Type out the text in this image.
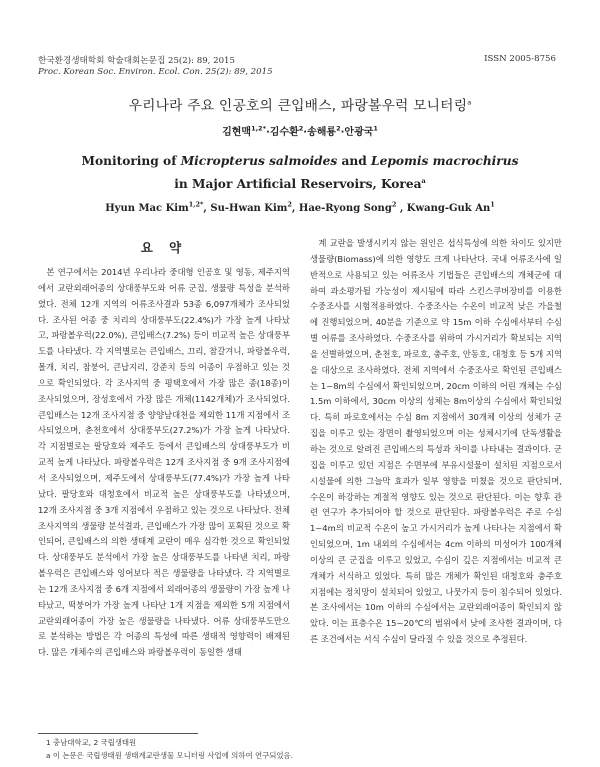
한국환경생태학회 학술대회논문집 25(2): 89, 2015
Proc. Korean Soc. Environ. Ecol. Con. 25(2): 89, 2015
ISSN 2005-8756
우리나라 주요 인공호의 큰입배스, 파랑볼우럭 모니터링$^a$
김현맥$^{1,2*}$·김수환$^2$·송해룡$^2$·안광국$^1$
Monitoring of Micropterus salmoides and Lepomis macrochirus
in Major Artificial Reservoirs, Korea$^a$
Hyun Mac Kim$^{1,2*}$, Su-Hwan Kim$^2$, Hae-Ryong Song$^2$ , Kwang-Guk An$^1$
요 약
본 연구에서는 2014년 우리나라 중대형 인공호 및 영동, 제주지역에서 교란외래어종의 상대풍부도와 어류 군집, 생물량 특성을 분석하였다. 전체 12개 지역의 어류조사결과 53종 6,097개체가 조사되었다. 조사된 어종 중 치리의 상대풍부도(22.4%)가 가장 높게 나타났고, 파랑볼우럭(22.0%), 큰입배스(7.2%) 등이 비교적 높은 상대풍부도를 나타냈다. 각 지역별로는 큰입배스, 끄리, 참갈겨니, 파랑볼우럭, 몰개, 치리, 참붕어, 큰납지리, 강준치 등의 어종이 우점하고 있는 것으로 확인되었다. 각 조사지역 중 평택호에서 가장 많은 종(18종)이 조사되었으며, 장성호에서 가장 많은 개체(1142개체)가 조사되었다. 큰입배스는 12개 조사지점 중 양양남대천을 제외한 11개 지점에서 조사되었으며, 춘천호에서 상대풍부도(27.2%)가 가장 높게 나타났다. 각 지점별로는 팔당호와 제주도 등에서 큰입배스의 상대풍부도가 비교적 높게 나타났다. 파랑볼우럭은 12개 조사지점 중 9개 조사지점에서 조사되었으며, 제주도에서 상대풍부도(77.4%)가 가장 높게 나타났다. 팔당호와 대청호에서 비교적 높은 상대풍부도를 나타냈으며, 12개 조사지점 중 3개 지점에서 우점하고 있는 것으로 나타났다. 전체 조사지역의 생물량 분석결과, 큰입배스가 가장 많이 포획된 것으로 확인되어, 큰입배스의 의한 생태계 교란이 매우 심각한 것으로 확인되었다. 상대풍부도 분석에서 가장 높은 상대풍부도를 나타낸 치리, 파랑볼우럭은 큰입배스와 잉어보다 적은 생물량을 나타냈다. 각 지역별로는 12개 조사지점 중 6개 지점에서 외래어종의 생물량이 가장 높게 나타났고, 떡붕어가 가장 높게 나타난 1개 지점을 제외한 5개 지점에서 교란외래어종이 가장 높은 생물량을 나타냈다. 어류 상대풍부도만으로 분석하는 방법은 각 어종의 특성에 따른 생태적 영향력이 배제된다. 많은 개체수의 큰입배스와 파랑볼우럭이 동일한 생태
계 교란을 발생시키지 않는 원인은 섭식특성에 의한 차이도 있지만 생물량(Biomass)에 의한 영향도 크게 나타난다. 국내 어류조사에 일반적으로 사용되고 있는 어류조사 기법들은 큰입배스의 개체군에 대하여 과소평가될 가능성이 제시됨에 따라 스킨스쿠버장비를 이용한 수중조사를 시험적용하였다. 수중조사는 수온이 비교적 낮은 가을철에 진행되었으며, 40분을 기준으로 약 15m 이하 수심에서부터 수심별 어류를 조사하였다. 수중조사를 위하여 가시거리가 확보되는 지역을 선별하였으며, 춘천호, 파로호, 충주호, 안동호, 대청호 등 5개 지역을 대상으로 조사하였다. 전체 지역에서 수중조사로 확인된 큰입배스는 1~8m의 수심에서 확인되었으며, 20cm 이하의 어린 개체는 수심 1.5m 이하에서, 30cm 이상의 성체는 8m이상의 수심에서 확인되었다. 특히 파로호에서는 수심 8m 지점에서 30개체 이상의 성체가 군집을 이루고 있는 장면이 촬영되었으며 이는 성체시기에 단독생활을 하는 것으로 알려진 큰입배스의 특성과 차이를 나타내는 결과이다. 군집을 이루고 있던 지점은 수면부에 부유시설물이 설치된 지점으로서 시설물에 의한 그늘막 효과가 일부 영향을 미쳤을 것으로 판단되며, 수온이 하강하는 계절적 영향도 있는 것으로 판단된다. 이는 향후 관련 연구가 추가되어야 할 것으로 판단된다. 파랑볼우럭은 주로 수심 1~4m의 비교적 수온이 높고 가시거리가 높게 나타나는 지점에서 확인되었으며, 1m 내외의 수심에서는 4cm 이하의 미성어가 100개체 이상의 큰 군집을 이루고 있었고, 수심이 깊은 지점에서는 비교적 큰 개체가 서식하고 있었다. 특히 많은 개체가 확인된 대청호와 충주호 지점에는 정치망이 설치되어 있었고, 나뭇가지 등이 침수되어 있었다. 본 조사에서는 10m 이하의 수심에서는 교란외래어종이 확인되지 않았다. 이는 표층수온 15~20℃의 범위에서 낮에 조사한 결과이며, 다른 조건에서는 서식 수심이 달라질 수 있을 것으로 추정된다.
1 충남대학교, 2 국립생태원
a 이 논문은 국립생태원 생태계교란생물 모니터링 사업에 의하여 연구되었음.
